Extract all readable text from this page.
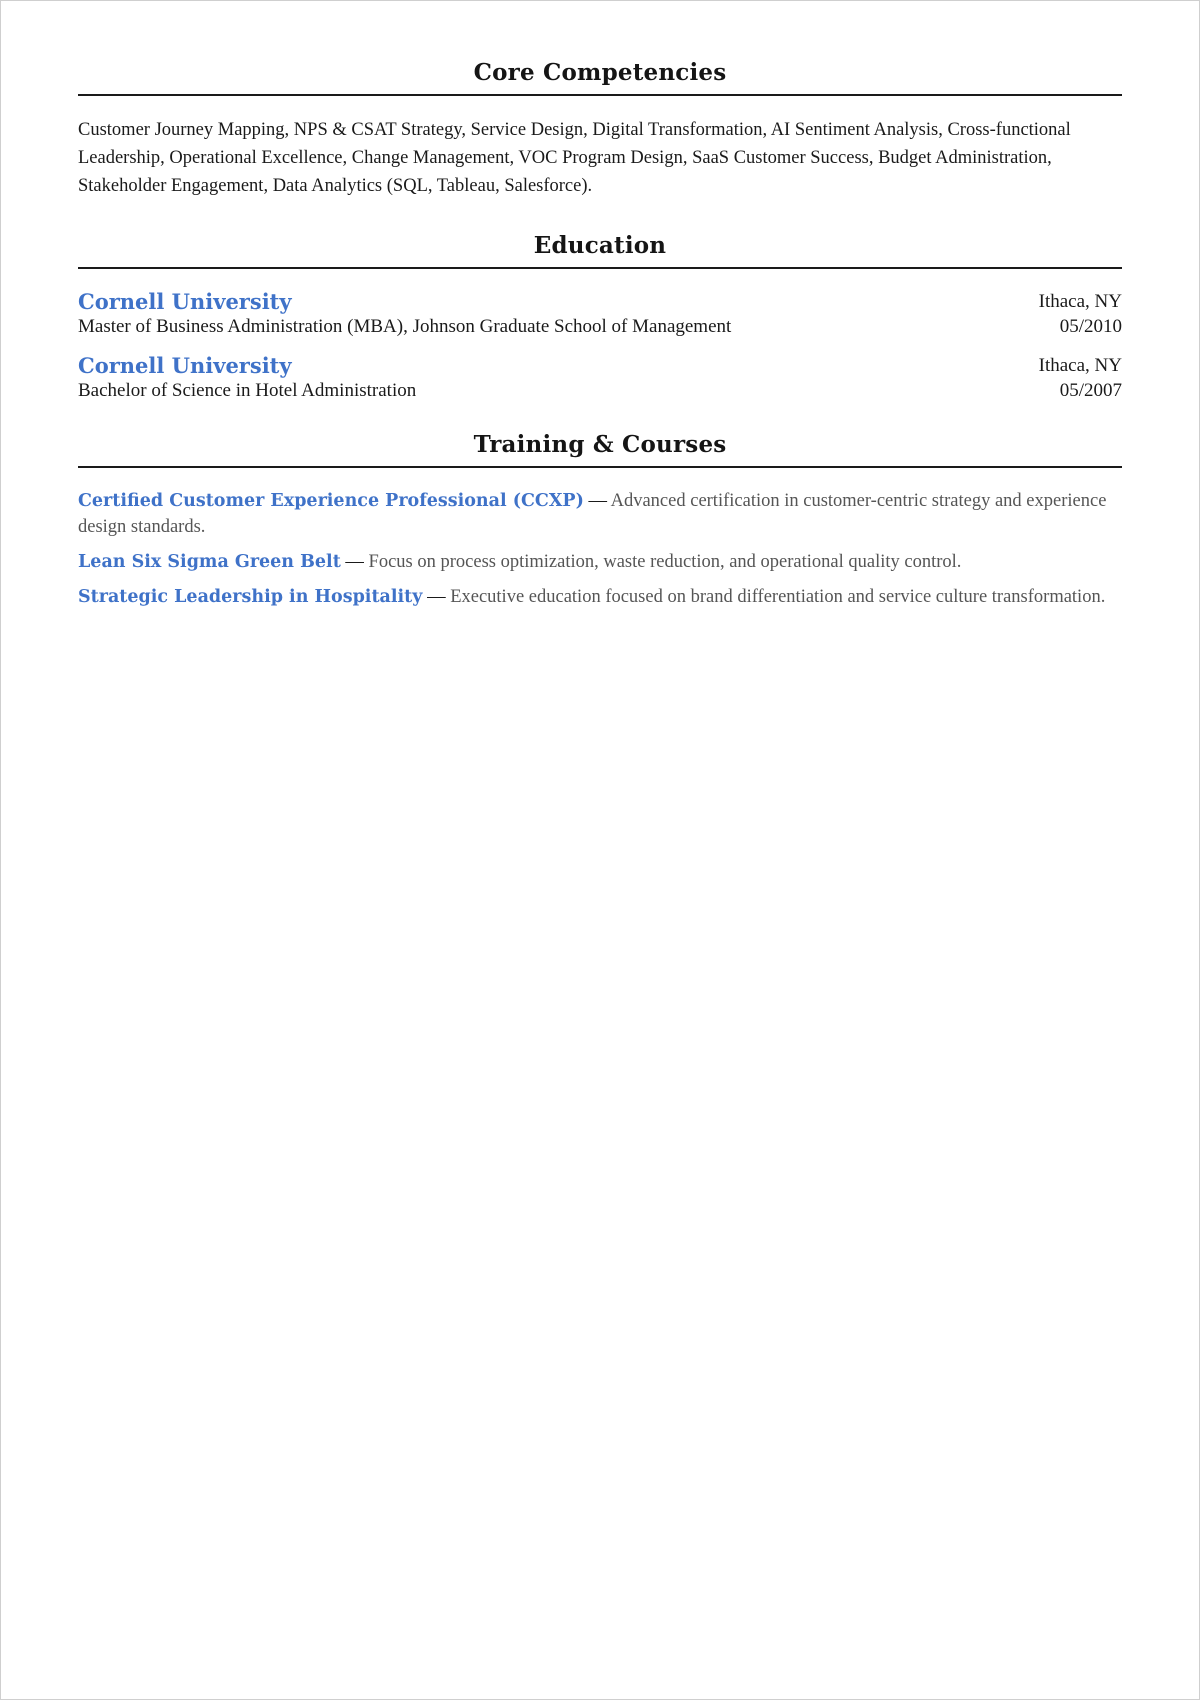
Core Competencies

Customer Journey Mapping, NPS & CSAT Strategy, Service Design, Digital Transformation, AI Sentiment Analysis, Cross-functional Leadership, Operational Excellence, Change Management, VOC Program Design, SaaS Customer Success, Budget Administration, Stakeholder Engagement, Data Analytics (SQL, Tableau, Salesforce).

Education
Cornell University
Master of Business Administration (MBA), Johnson Graduate School of Management
Ithaca, NY
05/2010
Cornell University
Bachelor of Science in Hotel Administration
Ithaca, NY
05/2007
Training & Courses
Certified Customer Experience Professional (CCXP) — Advanced certification in customer-centric strategy and experience design standards.
Lean Six Sigma Green Belt — Focus on process optimization, waste reduction, and operational quality control.
Strategic Leadership in Hospitality — Executive education focused on brand differentiation and service culture transformation.
